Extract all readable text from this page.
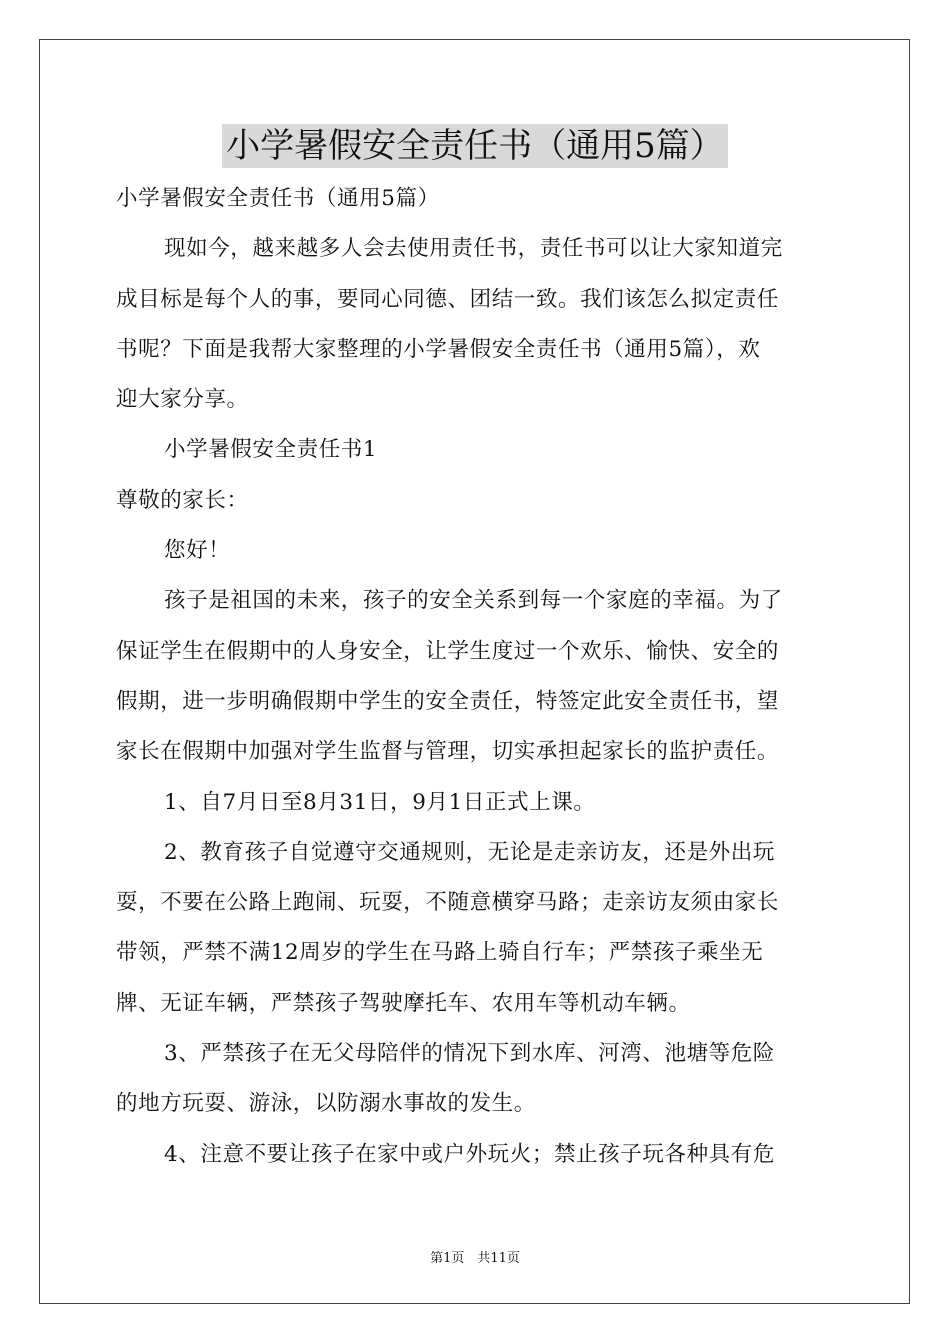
小学暑假安全责任书（通用5篇）
小学暑假安全责任书（通用5篇）
现如今，越来越多人会去使用责任书，责任书可以让大家知道完
成目标是每个人的事，要同心同德、团结一致。我们该怎么拟定责任
书呢？下面是我帮大家整理的小学暑假安全责任书（通用5篇），欢
迎大家分享。
小学暑假安全责任书1
尊敬的家长：
您好！
孩子是祖国的未来，孩子的安全关系到每一个家庭的幸福。为了
保证学生在假期中的人身安全，让学生度过一个欢乐、愉快、安全的
假期，进一步明确假期中学生的安全责任，特签定此安全责任书，望
家长在假期中加强对学生监督与管理，切实承担起家长的监护责任。
1、自7月日至8月31日，9月1日正式上课。
2、教育孩子自觉遵守交通规则，无论是走亲访友，还是外出玩
耍，不要在公路上跑闹、玩耍，不随意横穿马路；走亲访友须由家长
带领，严禁不满12周岁的学生在马路上骑自行车；严禁孩子乘坐无
牌、无证车辆，严禁孩子驾驶摩托车、农用车等机动车辆。
3、严禁孩子在无父母陪伴的情况下到水库、河湾、池塘等危险
的地方玩耍、游泳，以防溺水事故的发生。
4、注意不要让孩子在家中或户外玩火；禁止孩子玩各种具有危
第1页　共11页
